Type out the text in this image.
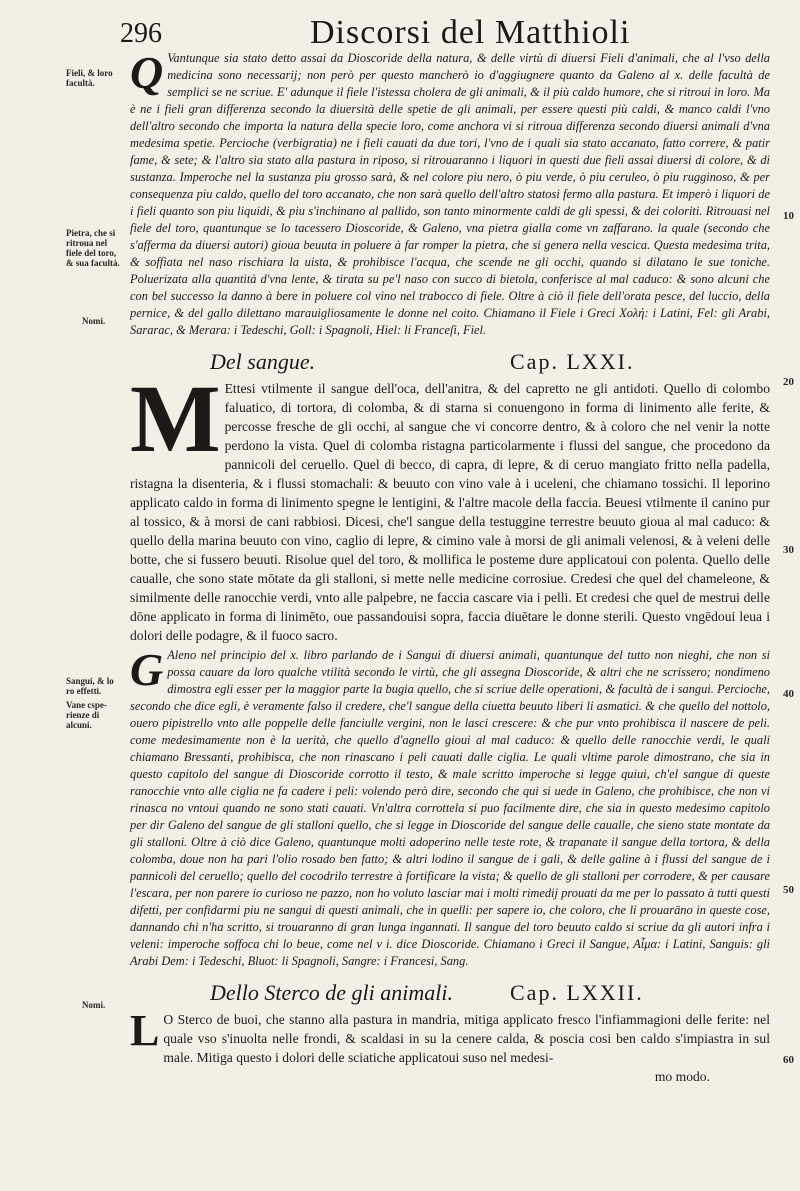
296	Discorsi del Matthioli
Fieli, & loro facultà.
Pietra, che si ritroua nel fiele del toro, & sua facultà.
Nomi.
Sangui, & lo ro effetti.
Vane cspe-rienze di alcuni.
Nomi.
10
20
30
40
50
60

Q Vantunque sia stato detto assai da Dioscoride della natura, & delle virtù di diuersi Fieli d'animali, che al l'vso della medicina sono necessarij; non però per questo mancherò io d'aggiugnere quanto da Galeno al x. delle facultà de semplici se ne scriue. E' adunque il fiele l'istessa cholera de gli animali, & il più caldo humore, che si ritroui in loro. Ma è ne i fieli gran differenza secondo la diuersità delle spetie de gli animali, per essere questi più caldi, & manco caldi l'vno dell'altro secondo che importa la natura della specie loro, come anchora vi si ritroua differenza secondo diuersi animali d'vna medesima spetie. Percioche (verbigratia) ne i fieli cauati da due tori, l'vno de i quali sia stato accanato, fatto correre, & patir fame, & sete; & l'altro sia stato alla pastura in riposo, si ritrouaranno i liquori in questi due fieli assai diuersi di colore, & di sustanza. Imperoche nel la sustanza piu grosso sarà, & nel colore piu nero, ò piu verde, ò piu ceruleo, ò piu rugginoso, & per consequenza piu caldo, quello del toro accanato, che non sarà quello dell'altro statosi fermo alla pastura. Et imperò i liquori de i fieli quanto son piu liquidi, & piu s'inchinano al pallido, son tanto minormente caldi de gli spessi, & dei coloriti. Ritrouasi nel fiele del toro, quantunque se lo tacessero Dioscoride, & Galeno, vna pietra gialla come vn zaffarano. la quale (secondo che s'afferma da diuersi autori) gioua beuuta in poluere à far romper la pietra, che si genera nella vescica. Questa medesima trita, & soffiata nel naso rischiara la uista, & prohibisce l'acqua, che scende ne gli occhi, quando si dilatano le sue toniche. Poluerizata alla quantità d'vna lente, & tirata su pe'l naso con succo di bietola, conferisce al mal caduco: & sono alcuni che con bel successo la danno à bere in poluere col vino nel trabocco di fiele. Oltre à ciò il fiele dell'orata pesce, del luccio, della pernice, & del gallo dilettano marauigliosamente le donne nel coito. Chiamano il Fiele i Greci Χολή: i Latini, Fel: gli Arabi, Sararac, & Merara: i Tedeschi, Goll: i Spagnoli, Hiel: li Franceſi, Fiel.

Del sangue.	Cap. LXXI.

M Ettesi vtilmente il sangue dell'oca, dell'anitra, & del capretto ne gli antidoti. Quello di colombo faluatico, di tortora, di colomba, & di starna si conuengono in forma di linimento alle ferite, & percosse fresche de gli occhi, al sangue che vi concorre dentro, & à coloro che nel venir la notte perdono la vista. Quel di colomba ristagna particolarmente i flussi del sangue, che procedono da pannicoli del ceruello. Quel di becco, di capra, di lepre, & di ceruo mangiato fritto nella padella, ristagna la disenteria, & i flussi stomachali: & beuuto con vino vale à i uceleni, che chiamano tossichi. Il leporino applicato caldo in forma di linimento spegne le lentigini, & l'altre macole della faccia. Beuesi vtilmente il canino pur al tossico, & à morsi de cani rabbiosi. Dicesi, che'l sangue della testuggine terrestre beuuto gioua al mal caduco: & quello della marina beuuto con vino, caglio di lepre, & cimino vale à morsi de gli animali velenosi, & à veleni delle botte, che si fussero beuuti. Risolue quel del toro, & mollifica le posteme dure applicatoui con polenta. Quello delle caualle, che sono state mōtate da gli stalloni, si mette nelle medicine corrosiue. Credesi che quel del chameleone, & similmente delle ranocchie verdi, vnto alle palpebre, ne faccia cascare via i pelli. Et credesi che quel de mestrui delle dōne applicato in forma di linimēto, oue passandouisi sopra, faccia diuētare le donne sterili. Questo vngēdoui leua i dolori delle podagre, & il fuoco sacro.

G Aleno nel principio del x. libro parlando de i Sangui di diuersi animali, quantunque del tutto non nieghi, che non si possa cauare da loro qualche vtilità secondo le virtù, che gli assegna Dioscoride, & altri che ne scrissero; nondimeno dimostra egli esser per la maggior parte la bugia quello, che si scriue delle operationi, & facultà de i sangui. Percioche, secondo che dice egli, è veramente falso il credere, che'l sangue della ciuetta beuuto liberi li asmatici. & che quello del nottolo, ouero pipistrello vnto alle poppelle delle fanciulle vergini, non le lasci crescere: & che pur vnto prohibisca il nascere de peli. come medesimamente non è la uerità, che quello d'agnello gioui al mal caduco: & quello delle ranocchie verdi, le quali chiamano Bressanti, prohibisca, che non rinascano i peli cauati dalle ciglia. Le quali vltime parole dimostrano, che sia in questo capitolo del sangue di Dioscoride corrotto il testo, & male scritto imperoche si legge quiui, ch'el sangue di queste ranocchie vnto alle ciglia ne fa cadere i peli: volendo però dire, secondo che qui si uede in Galeno, che prohibisce, che non vi rinasca no vntoui quando ne sono stati cauati. Vn'altra corrottela si puo facilmente dire, che sia in questo medesimo capitolo per dir Galeno del sangue de gli stalloni quello, che si legge in Dioscoride del sangue delle caualle, che sieno state montate da gli stalloni. Oltre à ciò dice Galeno, quantunque molti adoperino nelle teste rote, & trapanate il sangue della tortora, & della colomba, doue non ha pari l'olio rosado ben fatto; & altri lodino il sangue de i gali, & delle galine à i flussi del sangue de i pannicoli del ceruello; quello del cocodrilo terrestre à fortificare la vista; & quello de gli stalloni per corrodere, & per causare l'escara, per non parere io curioso ne pazzo, non ho voluto lasciar mai i molti rimedij prouati da me per lo passato à tutti questi difetti, per confidarmi piu ne sangui di questi animali, che in quelli: per sapere io, che coloro, che li prouarāno in queste cose, dannando chi n'ha scritto, si trouaranno di gran lunga ingannati. Il sangue del toro beuuto caldo si scriue da gli autori infra i veleni: imperoche soffoca chi lo beue, come nel v i. dice Dioscoride. Chiamano i Greci il Sangue, Αἷμα: i Latini, Sanguis: gli Arabi Dem: i Tedeschi, Bluot: li Spagnoli, Sangre: i Francesi, Sang.

Dello Sterco de gli animali.	Cap. LXXII.

L O Sterco de buoi, che stanno alla pastura in mandria, mitiga applicato fresco l'infiammagioni delle ferite: nel quale vso s'inuolta nelle frondi, & scaldasi in su la cenere calda, & poscia cosi ben caldo s'impiastra in sul male. Mitiga questo i dolori delle sciatiche applicatoui suso nel medesi-

mo modo.
